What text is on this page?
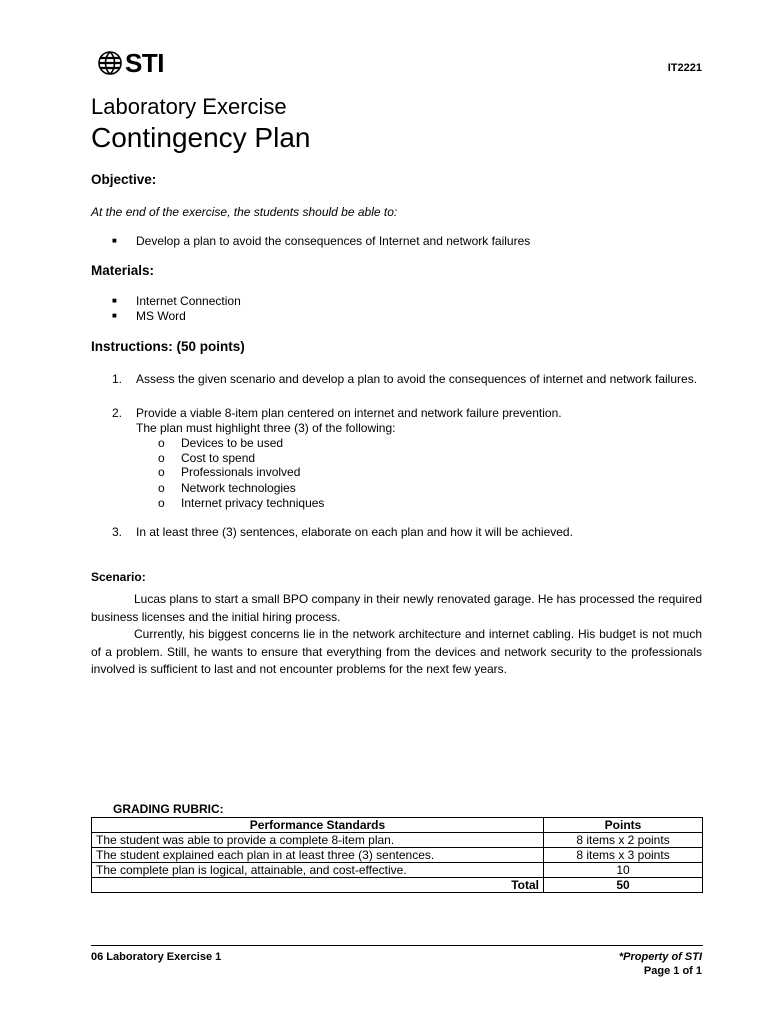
STI	IT2221
Laboratory Exercise
Contingency Plan
Objective:
At the end of the exercise, the students should be able to:
■	Develop a plan to avoid the consequences of Internet and network failures
Materials:
■	Internet Connection
■	MS Word
Instructions: (50 points)
1. Assess the given scenario and develop a plan to avoid the consequences of internet and network failures.
2. Provide a viable 8-item plan centered on internet and network failure prevention.
The plan must highlight three (3) of the following:
o	Devices to be used
o	Cost to spend
o	Professionals involved
o	Network technologies
o	Internet privacy techniques
3. In at least three (3) sentences, elaborate on each plan and how it will be achieved.
Scenario:
Lucas plans to start a small BPO company in their newly renovated garage. He has processed the required business licenses and the initial hiring process.
Currently, his biggest concerns lie in the network architecture and internet cabling. His budget is not much of a problem. Still, he wants to ensure that everything from the devices and network security to the professionals involved is sufficient to last and not encounter problems for the next few years.
GRADING RUBRIC:
Performance Standards	Points
The student was able to provide a complete 8-item plan.	8 items x 2 points
The student explained each plan in at least three (3) sentences.	8 items x 3 points
The complete plan is logical, attainable, and cost-effective.	10
Total	50
06 Laboratory Exercise 1	*Property of STI
Page 1 of 1
